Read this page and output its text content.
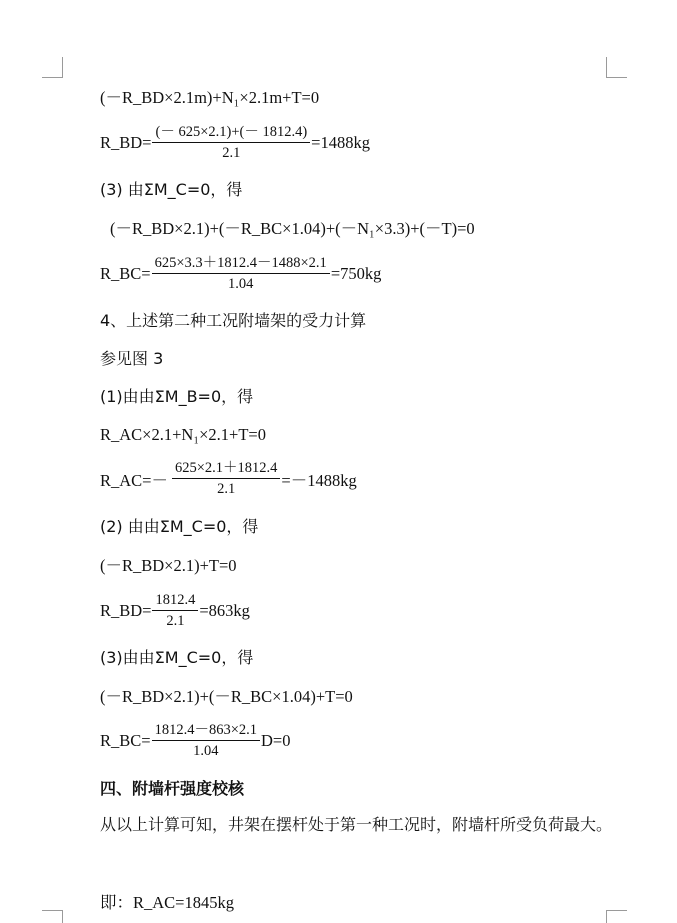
(－R_BD×2.1m)+N₁×2.1m+T=0
R_BD= $\frac{(- 625\times 2.1)+(- 1812.4)}{2.1} =1488kg$
(3) 由ΣM_C=0，得
(－R_BD×2.1)+(－R_BC×1.04)+(－N₁×3.3)+(－T)=0
R_BC= $\frac{625\times 3.3+1812.4-1488\times 2.1}{1.04} =750kg$
4、上述第二种工况附墙架的受力计算
参见图 3
(1)由由ΣM_B=0，得
R_AC×2.1+N₁×2.1+T=0
R_AC=－ $\frac{625\times 2.1+1812.4}{2.1} =-1488kg$
(2) 由由ΣM_C=0，得
(－R_BD×2.1)+T=0
R_BD= $\frac{1812.4}{2.1} =863kg$
(3)由由ΣM_C=0，得
(－R_BD×2.1)+(－R_BC×1.04)+T=0
R_BC= $\frac{1812.4-863\times 2.1}{1.04} D=0$
四、附墙杆强度校核
从以上计算可知，井架在摆杆处于第一种工况时，附墙杆所受负荷最大。
即：R_AC=1845kg
